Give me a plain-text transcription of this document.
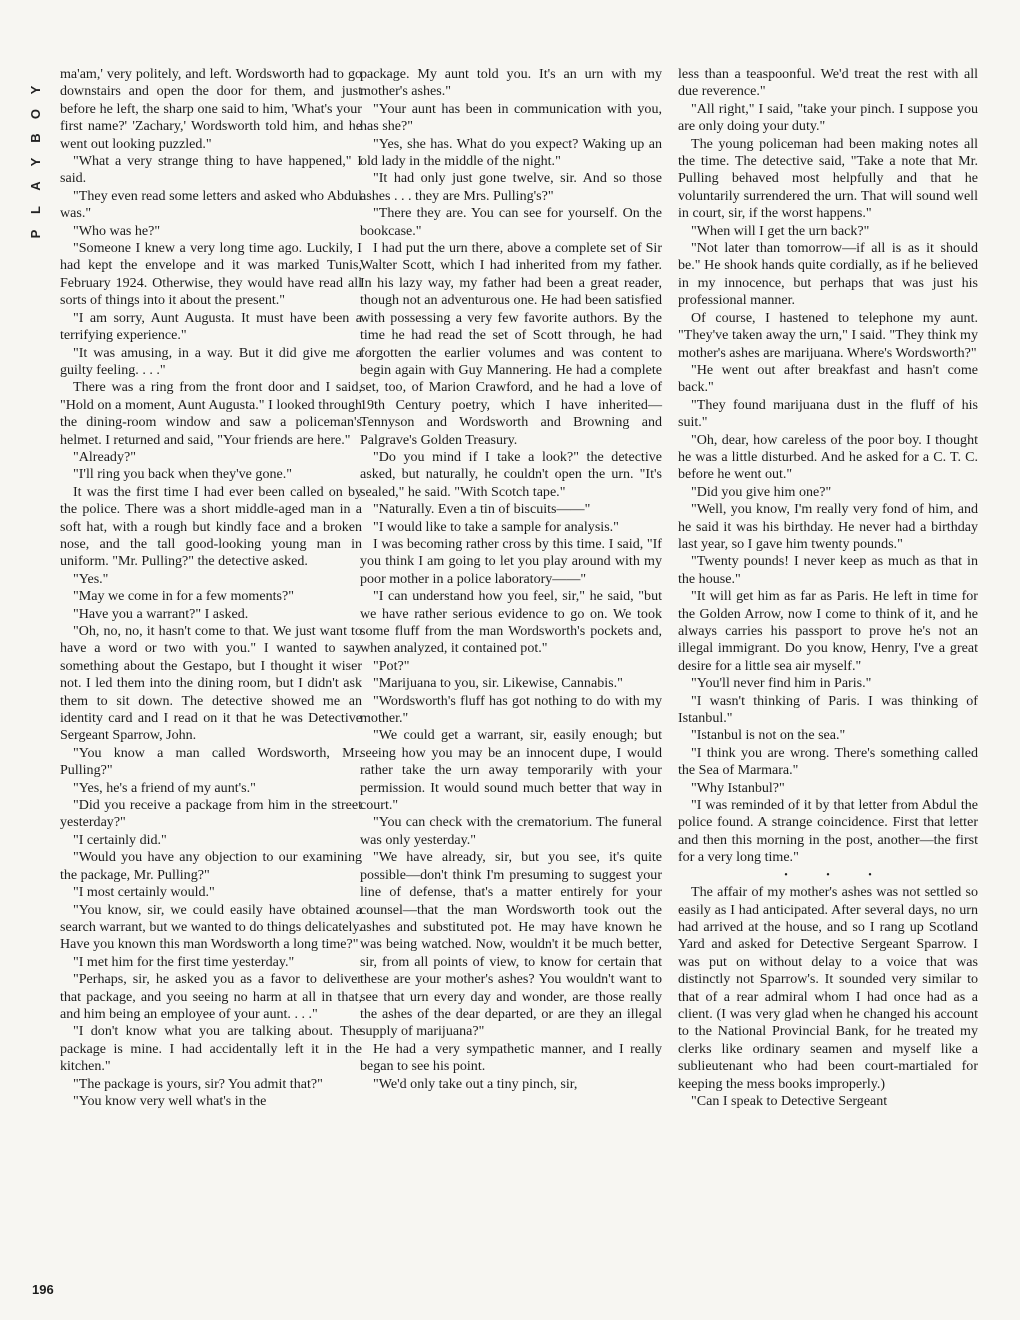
Y
O
B
Y
A
L
P

ma'am,' very politely, and left. Wordsworth had to go downstairs and open the door for them, and just before he left, the sharp one said to him, 'What's your first name?' 'Zachary,' Wordsworth told him, and he went out looking puzzled."

"What a very strange thing to have happened," I said.

"They even read some letters and asked who Abdul was."

"Who was he?"

"Someone I knew a very long time ago. Luckily, I had kept the envelope and it was marked Tunis, February 1924. Otherwise, they would have read all sorts of things into it about the present."

"I am sorry, Aunt Augusta. It must have been a terrifying experience."

"It was amusing, in a way. But it did give me a guilty feeling. . . ."

There was a ring from the front door and I said, "Hold on a moment, Aunt Augusta." I looked through the dining-room window and saw a policeman's helmet. I returned and said, "Your friends are here."

"Already?"

"I'll ring you back when they've gone."

It was the first time I had ever been called on by the police. There was a short middle-aged man in a soft hat, with a rough but kindly face and a broken nose, and the tall good-looking young man in uniform. "Mr. Pulling?" the detective asked.

"Yes."

"May we come in for a few moments?"

"Have you a warrant?" I asked.

"Oh, no, no, it hasn't come to that. We just want to have a word or two with you." I wanted to say something about the Gestapo, but I thought it wiser not. I led them into the dining room, but I didn't ask them to sit down. The detective showed me an identity card and I read on it that he was Detective Sergeant Sparrow, John.

"You know a man called Wordsworth, Mr. Pulling?"

"Yes, he's a friend of my aunt's."

"Did you receive a package from him in the street yesterday?"

"I certainly did."

"Would you have any objection to our examining the package, Mr. Pulling?"

"I most certainly would."

"You know, sir, we could easily have obtained a search warrant, but we wanted to do things delicately. Have you known this man Wordsworth a long time?"

"I met him for the first time yesterday."

"Perhaps, sir, he asked you as a favor to deliver that package, and you seeing no harm at all in that, and him being an employee of your aunt. . . ."

"I don't know what you are talking about. The package is mine. I had accidentally left it in the kitchen."

"The package is yours, sir? You admit that?"

"You know very well what's in the

package. My aunt told you. It's an urn with my mother's ashes."

"Your aunt has been in communication with you, has she?"

"Yes, she has. What do you expect? Waking up an old lady in the middle of the night."

"It had only just gone twelve, sir. And so those ashes . . . they are Mrs. Pulling's?"

"There they are. You can see for yourself. On the bookcase."

I had put the urn there, above a complete set of Sir Walter Scott, which I had inherited from my father. In his lazy way, my father had been a great reader, though not an adventurous one. He had been satisfied with possessing a very few favorite authors. By the time he had read the set of Scott through, he had forgotten the earlier volumes and was content to begin again with Guy Mannering. He had a complete set, too, of Marion Crawford, and he had a love of 19th Century poetry, which I have inherited—Tennyson and Wordsworth and Browning and Palgrave's Golden Treasury.

"Do you mind if I take a look?" the detective asked, but naturally, he couldn't open the urn. "It's sealed," he said. "With Scotch tape."

"Naturally. Even a tin of biscuits——"

"I would like to take a sample for analysis."

I was becoming rather cross by this time. I said, "If you think I am going to let you play around with my poor mother in a police laboratory——"

"I can understand how you feel, sir," he said, "but we have rather serious evidence to go on. We took some fluff from the man Wordsworth's pockets and, when analyzed, it contained pot."

"Pot?"

"Marijuana to you, sir. Likewise, Cannabis."

"Wordsworth's fluff has got nothing to do with my mother."

"We could get a warrant, sir, easily enough; but seeing how you may be an innocent dupe, I would rather take the urn away temporarily with your permission. It would sound much better that way in court."

"You can check with the crematorium. The funeral was only yesterday."

"We have already, sir, but you see, it's quite possible—don't think I'm presuming to suggest your line of defense, that's a matter entirely for your counsel—that the man Wordsworth took out the ashes and substituted pot. He may have known he was being watched. Now, wouldn't it be much better, sir, from all points of view, to know for certain that these are your mother's ashes? You wouldn't want to see that urn every day and wonder, are those really the ashes of the dear departed, or are they an illegal supply of marijuana?"

He had a very sympathetic manner, and I really began to see his point.

"We'd only take out a tiny pinch, sir,

less than a teaspoonful. We'd treat the rest with all due reverence."

"All right," I said, "take your pinch. I suppose you are only doing your duty."

The young policeman had been making notes all the time. The detective said, "Take a note that Mr. Pulling behaved most helpfully and that he voluntarily surrendered the urn. That will sound well in court, sir, if the worst happens."

"When will I get the urn back?"

"Not later than tomorrow—if all is as it should be." He shook hands quite cordially, as if he believed in my innocence, but perhaps that was just his professional manner.

Of course, I hastened to telephone my aunt. "They've taken away the urn," I said. "They think my mother's ashes are marijuana. Where's Wordsworth?"

"He went out after breakfast and hasn't come back."

"They found marijuana dust in the fluff of his suit."

"Oh, dear, how careless of the poor boy. I thought he was a little disturbed. And he asked for a C. T. C. before he went out."

"Did you give him one?"

"Well, you know, I'm really very fond of him, and he said it was his birthday. He never had a birthday last year, so I gave him twenty pounds."

"Twenty pounds! I never keep as much as that in the house."

"It will get him as far as Paris. He left in time for the Golden Arrow, now I come to think of it, and he always carries his passport to prove he's not an illegal immigrant. Do you know, Henry, I've a great desire for a little sea air myself."

"You'll never find him in Paris."

"I wasn't thinking of Paris. I was thinking of Istanbul."

"Istanbul is not on the sea."

"I think you are wrong. There's something called the Sea of Marmara."

"Why Istanbul?"

"I was reminded of it by that letter from Abdul the police found. A strange coincidence. First that letter and then this morning in the post, another—the first for a very long time."

• • •

The affair of my mother's ashes was not settled so easily as I had anticipated. After several days, no urn had arrived at the house, and so I rang up Scotland Yard and asked for Detective Sergeant Sparrow. I was put on without delay to a voice that was distinctly not Sparrow's. It sounded very similar to that of a rear admiral whom I had once had as a client. (I was very glad when he changed his account to the National Provincial Bank, for he treated my clerks like ordinary seamen and myself like a sublieutenant who had been court-martialed for keeping the mess books improperly.)

"Can I speak to Detective Sergeant

196
